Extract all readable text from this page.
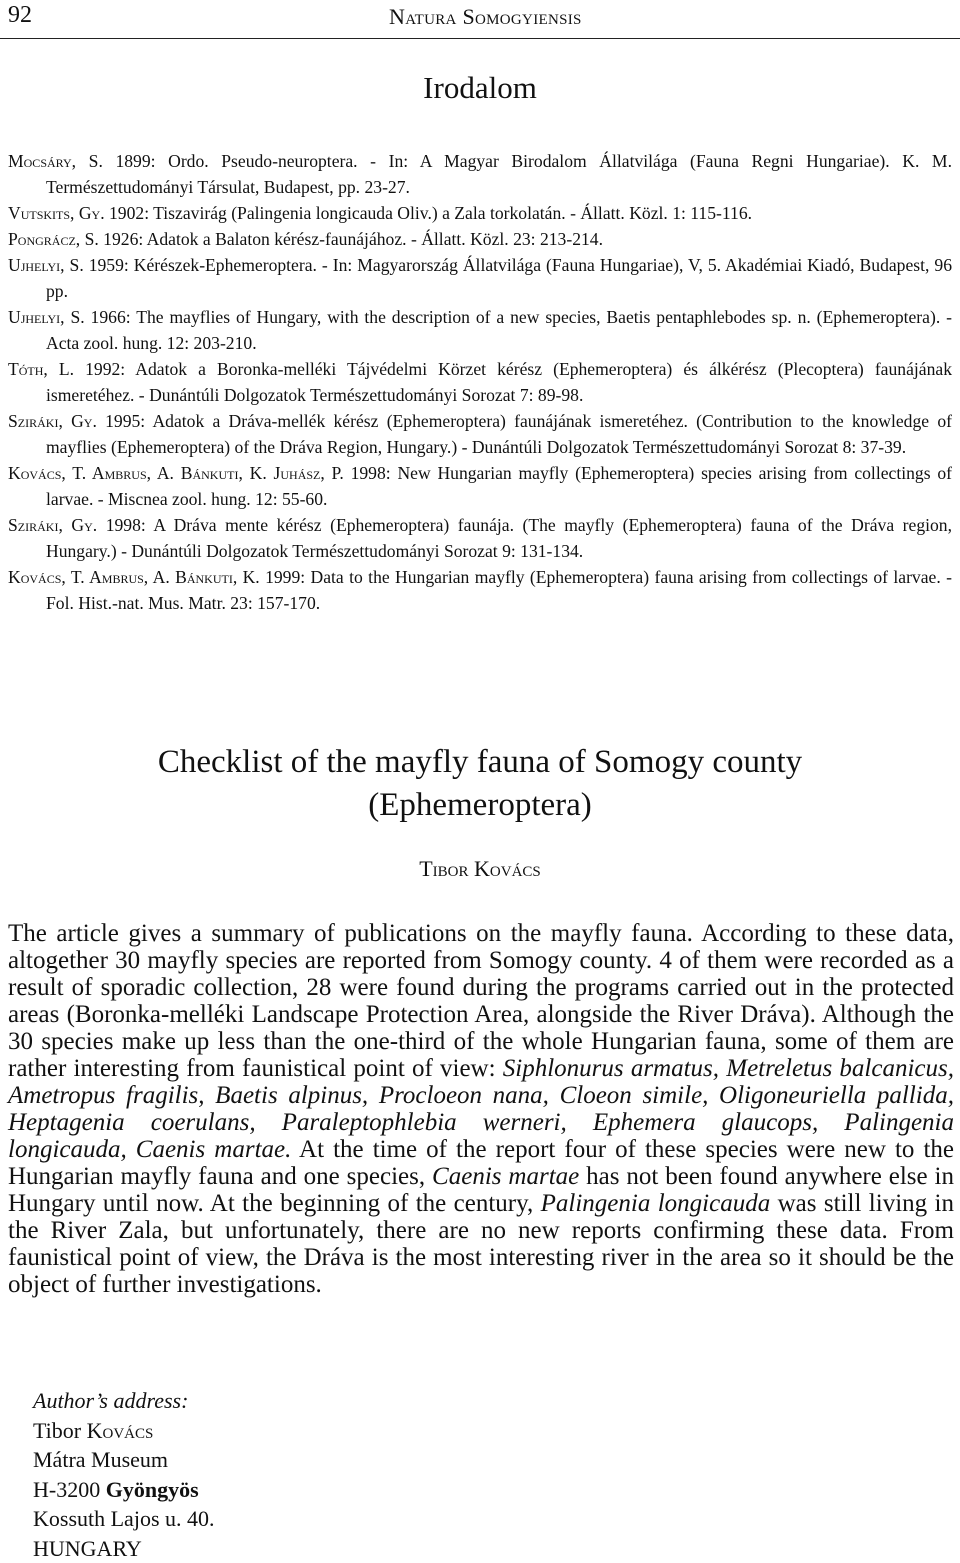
92	Natura Somogyiensis
Irodalom

Mocsáry, S. 1899: Ordo. Pseudo-neuroptera. - In: A Magyar Birodalom Állatvilága (Fauna Regni Hungariae). K. M. Természettudományi Társulat, Budapest, pp. 23-27.

Vutskits, Gy. 1902: Tiszavirág (Palingenia longicauda Oliv.) a Zala torkolatán. - Állatt. Közl. 1: 115-116.

Pongrácz, S. 1926: Adatok a Balaton kérész-faunájához. - Állatt. Közl. 23: 213-214.

Ujhelyi, S. 1959: Kérészek-Ephemeroptera. - In: Magyarország Állatvilága (Fauna Hungariae), V, 5. Akadémiai Kiadó, Budapest, 96 pp.

Ujhelyi, S. 1966: The mayflies of Hungary, with the description of a new species, Baetis pentaphlebodes sp. n. (Ephemeroptera). - Acta zool. hung. 12: 203-210.

Tóth, L. 1992: Adatok a Boronka-melléki Tájvédelmi Körzet kérész (Ephemeroptera) és álkérész (Plecoptera) faunájának ismeretéhez. - Dunántúli Dolgozatok Természettudományi Sorozat 7: 89-98.

Sziráki, Gy. 1995: Adatok a Dráva-mellék kérész (Ephemeroptera) faunájának ismeretéhez. (Contribution to the knowledge of mayflies (Ephemeroptera) of the Dráva Region, Hungary.) - Dunántúli Dolgozatok Természettudományi Sorozat 8: 37-39.

Kovács, T. Ambrus, A. Bánkuti, K. Juhász, P. 1998: New Hungarian mayfly (Ephemeroptera) species arising from collectings of larvae. - Miscnea zool. hung. 12: 55-60.

Sziráki, Gy. 1998: A Dráva mente kérész (Ephemeroptera) faunája. (The mayfly (Ephemeroptera) fauna of the Dráva region, Hungary.) - Dunántúli Dolgozatok Természettudományi Sorozat 9: 131-134.

Kovács, T. Ambrus, A. Bánkuti, K. 1999: Data to the Hungarian mayfly (Ephemeroptera) fauna arising from collectings of larvae. - Fol. Hist.-nat. Mus. Matr. 23: 157-170.

Checklist of the mayfly fauna of Somogy county
(Ephemeroptera)
Tibor Kovács

The article gives a summary of publications on the mayfly fauna. According to these data, altogether 30 mayfly species are reported from Somogy county. 4 of them were recorded as a result of sporadic collection, 28 were found during the programs carried out in the protected areas (Boronka-melléki Landscape Protection Area, alongside the River Dráva). Although the 30 species make up less than the one-third of the whole Hungarian fauna, some of them are rather interesting from faunistical point of view: Siphlonurus armatus, Metreletus balcanicus, Ametropus fragilis, Baetis alpinus, Procloeon nana, Cloeon simile, Oligoneuriella pallida, Heptagenia coerulans, Paraleptophlebia werneri, Ephemera glaucops, Palingenia longicauda, Caenis martae. At the time of the report four of these species were new to the Hungarian mayfly fauna and one species, Caenis martae has not been found anywhere else in Hungary until now. At the beginning of the century, Palingenia longicauda was still living in the River Zala, but unfortunately, there are no new reports confirming these data. From faunistical point of view, the Dráva is the most interesting river in the area so it should be the object of further investigations.

Author’s address:
Tibor Kovács
Mátra Museum
H-3200 Gyöngyös
Kossuth Lajos u. 40.
HUNGARY
